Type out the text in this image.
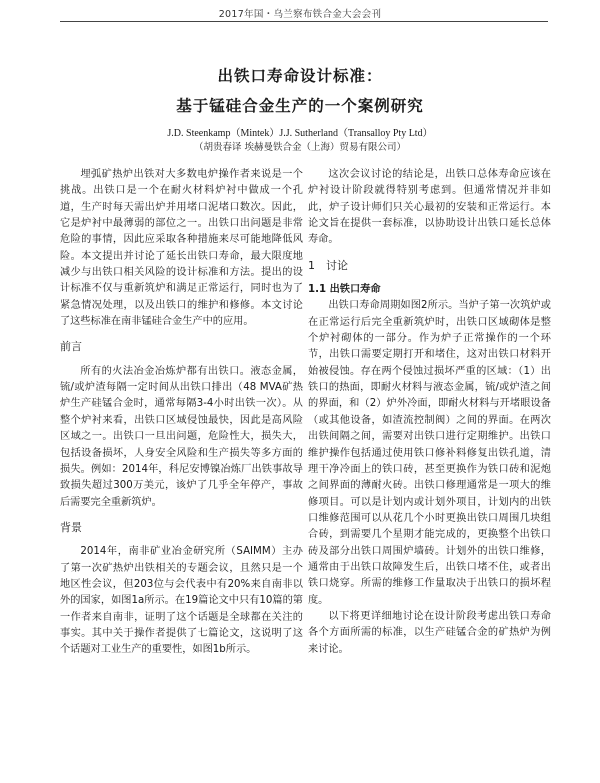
2017年国・乌兰察布铁合金大会会刊
出铁口寿命设计标准：
基于锰硅合金生产的一个案例研究
J.D. Steenkamp（Mintek）J.J. Sutherland（Transalloy Pty Ltd）
（胡贵春译 埃赫曼铁合金（上海）贸易有限公司）

埋弧矿热炉出铁对大多数电炉操作者来说是一个挑战。出铁口是一个在耐火材料炉衬中做成一个孔道，生产时每天需出炉并用堵口泥堵口数次。因此，它是炉衬中最薄弱的部位之一。出铁口出问题是非常危险的事情，因此应采取各种措施来尽可能地降低风险。本文提出并讨论了延长出铁口寿命，最大限度地减少与出铁口相关风险的设计标准和方法。提出的设计标准不仅与重新筑炉和满足正常运行，同时也为了紧急情况处理，以及出铁口的维护和修修。本文讨论了这些标准在南非锰硅合金生产中的应用。

前言

所有的火法冶金冶炼炉都有出铁口。液态金属，锍/或炉渣每隔一定时间从出铁口排出（48 MVA矿热炉生产硅锰合金时，通常每隔3-4小时出铁一次）。从整个炉衬来看，出铁口区域侵蚀最快，因此是高风险区域之一。出铁口一旦出问题，危险性大，损失大，包括设备损坏，人身安全风险和生产损失等多方面的损失。例如：2014年，科尼安博镍冶炼厂出铁事故导致损失超过300万美元，该炉了几乎全年停产，事故后需要完全重新筑炉。

背景

2014年，南非矿业冶金研究所（SAIMM）主办了第一次矿热炉出铁相关的专题会议，且然只是一个地区性会议，但203位与会代表中有20%来自南非以外的国家，如图1a所示。在19篇论文中只有10篇的第一作者来自南非，证明了这个话题是全球都在关注的事实。其中关于操作者提供了七篇论文，这说明了这个话题对工业生产的重要性，如图1b所示。

这次会议讨论的结论是，出铁口总体寿命应该在炉衬设计阶段就得特别考虑到。但通常情况并非如此，炉子设计师们只关心最初的安装和正常运行。本论文旨在提供一套标准，以协助设计出铁口延长总体寿命。

1　讨论

1.1 出铁口寿命

出铁口寿命周期如图2所示。当炉子第一次筑炉或在正常运行后完全重新筑炉时，出铁口区域砌体是整个炉衬砌体的一部分。作为炉子正常操作的一个环节，出铁口需要定期打开和堵住，这对出铁口材料开始被侵蚀。存在两个侵蚀过损坏严重的区域：（1）出铁口的热面，即耐火材料与液态金属，锍/或炉渣之间的界面，和（2）炉外冷面，即耐火材料与开堵眼设备（或其他设备，如渣流控制阀）之间的界面。在两次出铁间隔之间，需要对出铁口进行定期维护。出铁口维护操作包括通过使用铁口修补料修复出铁孔道，清理干净冷面上的铁口砖，甚至更换作为铁口砖和泥炮之间界面的薄耐火砖。出铁口修理通常是一项大的维修项目。可以是计划内或计划外项目，计划内的出铁口维修范围可以从花几个小时更换出铁口周围几块组合砖，到需要几个星期才能完成的，更换整个出铁口砖及部分出铁口周围炉墙砖。计划外的出铁口维修，通常由于出铁口故障发生后，出铁口堵不住，或者出铁口烧穿。所需的维修工作量取决于出铁口的损坏程度。

以下将更详细地讨论在设计阶段考虑出铁口寿命各个方面所需的标准，以生产硅锰合金的矿热炉为例来讨论。
